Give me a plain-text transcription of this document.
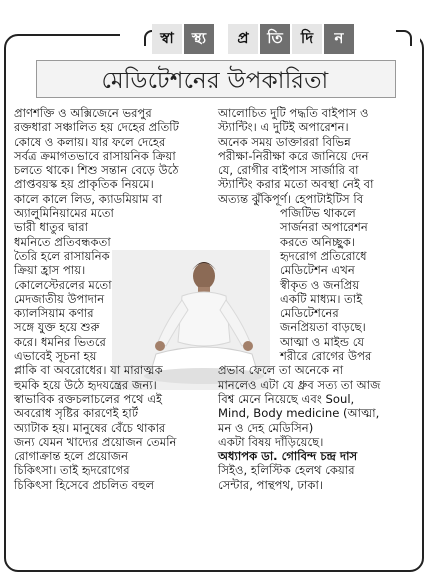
স্বা	স্থ্য	প্র	তি	দি	ন
মেডিটেশনের উপকারিতা

প্রাণশক্তি ও অক্সিজেনে ভরপুর

রক্তধারা সঞ্চালিত হয় দেহের প্রতিটি

কোষে ও কলায়। যার ফলে দেহের

সর্বত্র ক্রমাগতভাবে রাসায়নিক ক্রিয়া

চলতে থাকে। শিশু সন্তান বেড়ে উঠে

প্রাপ্তবয়স্ক হয় প্রাকৃতিক নিয়মে।

কালে কালে লিড, ক্যাডমিয়াম বা

অ্যালুমিনিয়ামের মতো

ভারী ধাতুর দ্বারা

ধমনিতে প্রতিবন্ধকতা

তৈরি হলে রাসায়নিক

ক্রিয়া হ্রাস পায়।

কোলেস্টেরলের মতো

মেদজাতীয় উপাদান

ক্যালসিয়াম কণার

সঙ্গে যুক্ত হয়ে শুরু

করে। ধমনির ভিতরে

এভাবেই সূচনা হয়

প্লাকি বা অবরোধের। যা মারাত্মক

হুমকি হয়ে উঠে হৃদযন্ত্রের জন্য।

স্বাভাবিক রক্তচলাচলের পথে এই

অবরোধ সৃষ্টির কারণেই হার্ট

অ্যাটাক হয়। মানুষের বেঁচে থাকার

জন্য যেমন খাদ্যের প্রয়োজন তেমনি

রোগাক্রান্ত হলে প্রয়োজন

চিকিৎসা। তাই হৃদরোগের

চিকিৎসা হিসেবে প্রচলিত বহুল

আলোচিত দুটি পদ্ধতি বাইপাস ও

স্ট্যান্টিং। এ দুটিই অপারেশন।

অনেক সময় ডাক্তাররা বিভিন্ন

পরীক্ষা-নিরীক্ষা করে জানিয়ে দেন

যে, রোগীর বাইপাস সার্জারি বা

স্ট্যান্টিং করার মতো অবস্থা নেই বা

অত্যন্ত ঝুঁকিপূর্ণ। হেপাটাইটিস বি

পজিটিভ থাকলে

সার্জনরা অপারেশন

করতে অনিচ্ছুক।

হৃদরোগ প্রতিরোধে

মেডিটেশন এখন

স্বীকৃত ও জনপ্রিয়

একটি মাধ্যম। তাই

মেডিটেশনের

জনপ্রিয়তা বাড়ছে।

আত্মা ও মাইন্ড যে

শরীরে রোগের উপর

প্রভাব ফেলে তা অনেকে না

মানলেও এটা যে ধ্রুব সত্য তা আজ

বিশ্ব মেনে নিয়েছে এবং Soul,

Mind, Body medicine (আত্মা,

মন ও দেহ মেডিসিন)

একটা বিষয় দাঁড়িয়েছে।

অধ্যাপক ডা. গোবিন্দ চন্দ্র দাস

সিইও, হলিস্টিক হেলথ কেয়ার

সেন্টার, পান্থপথ, ঢাকা।
